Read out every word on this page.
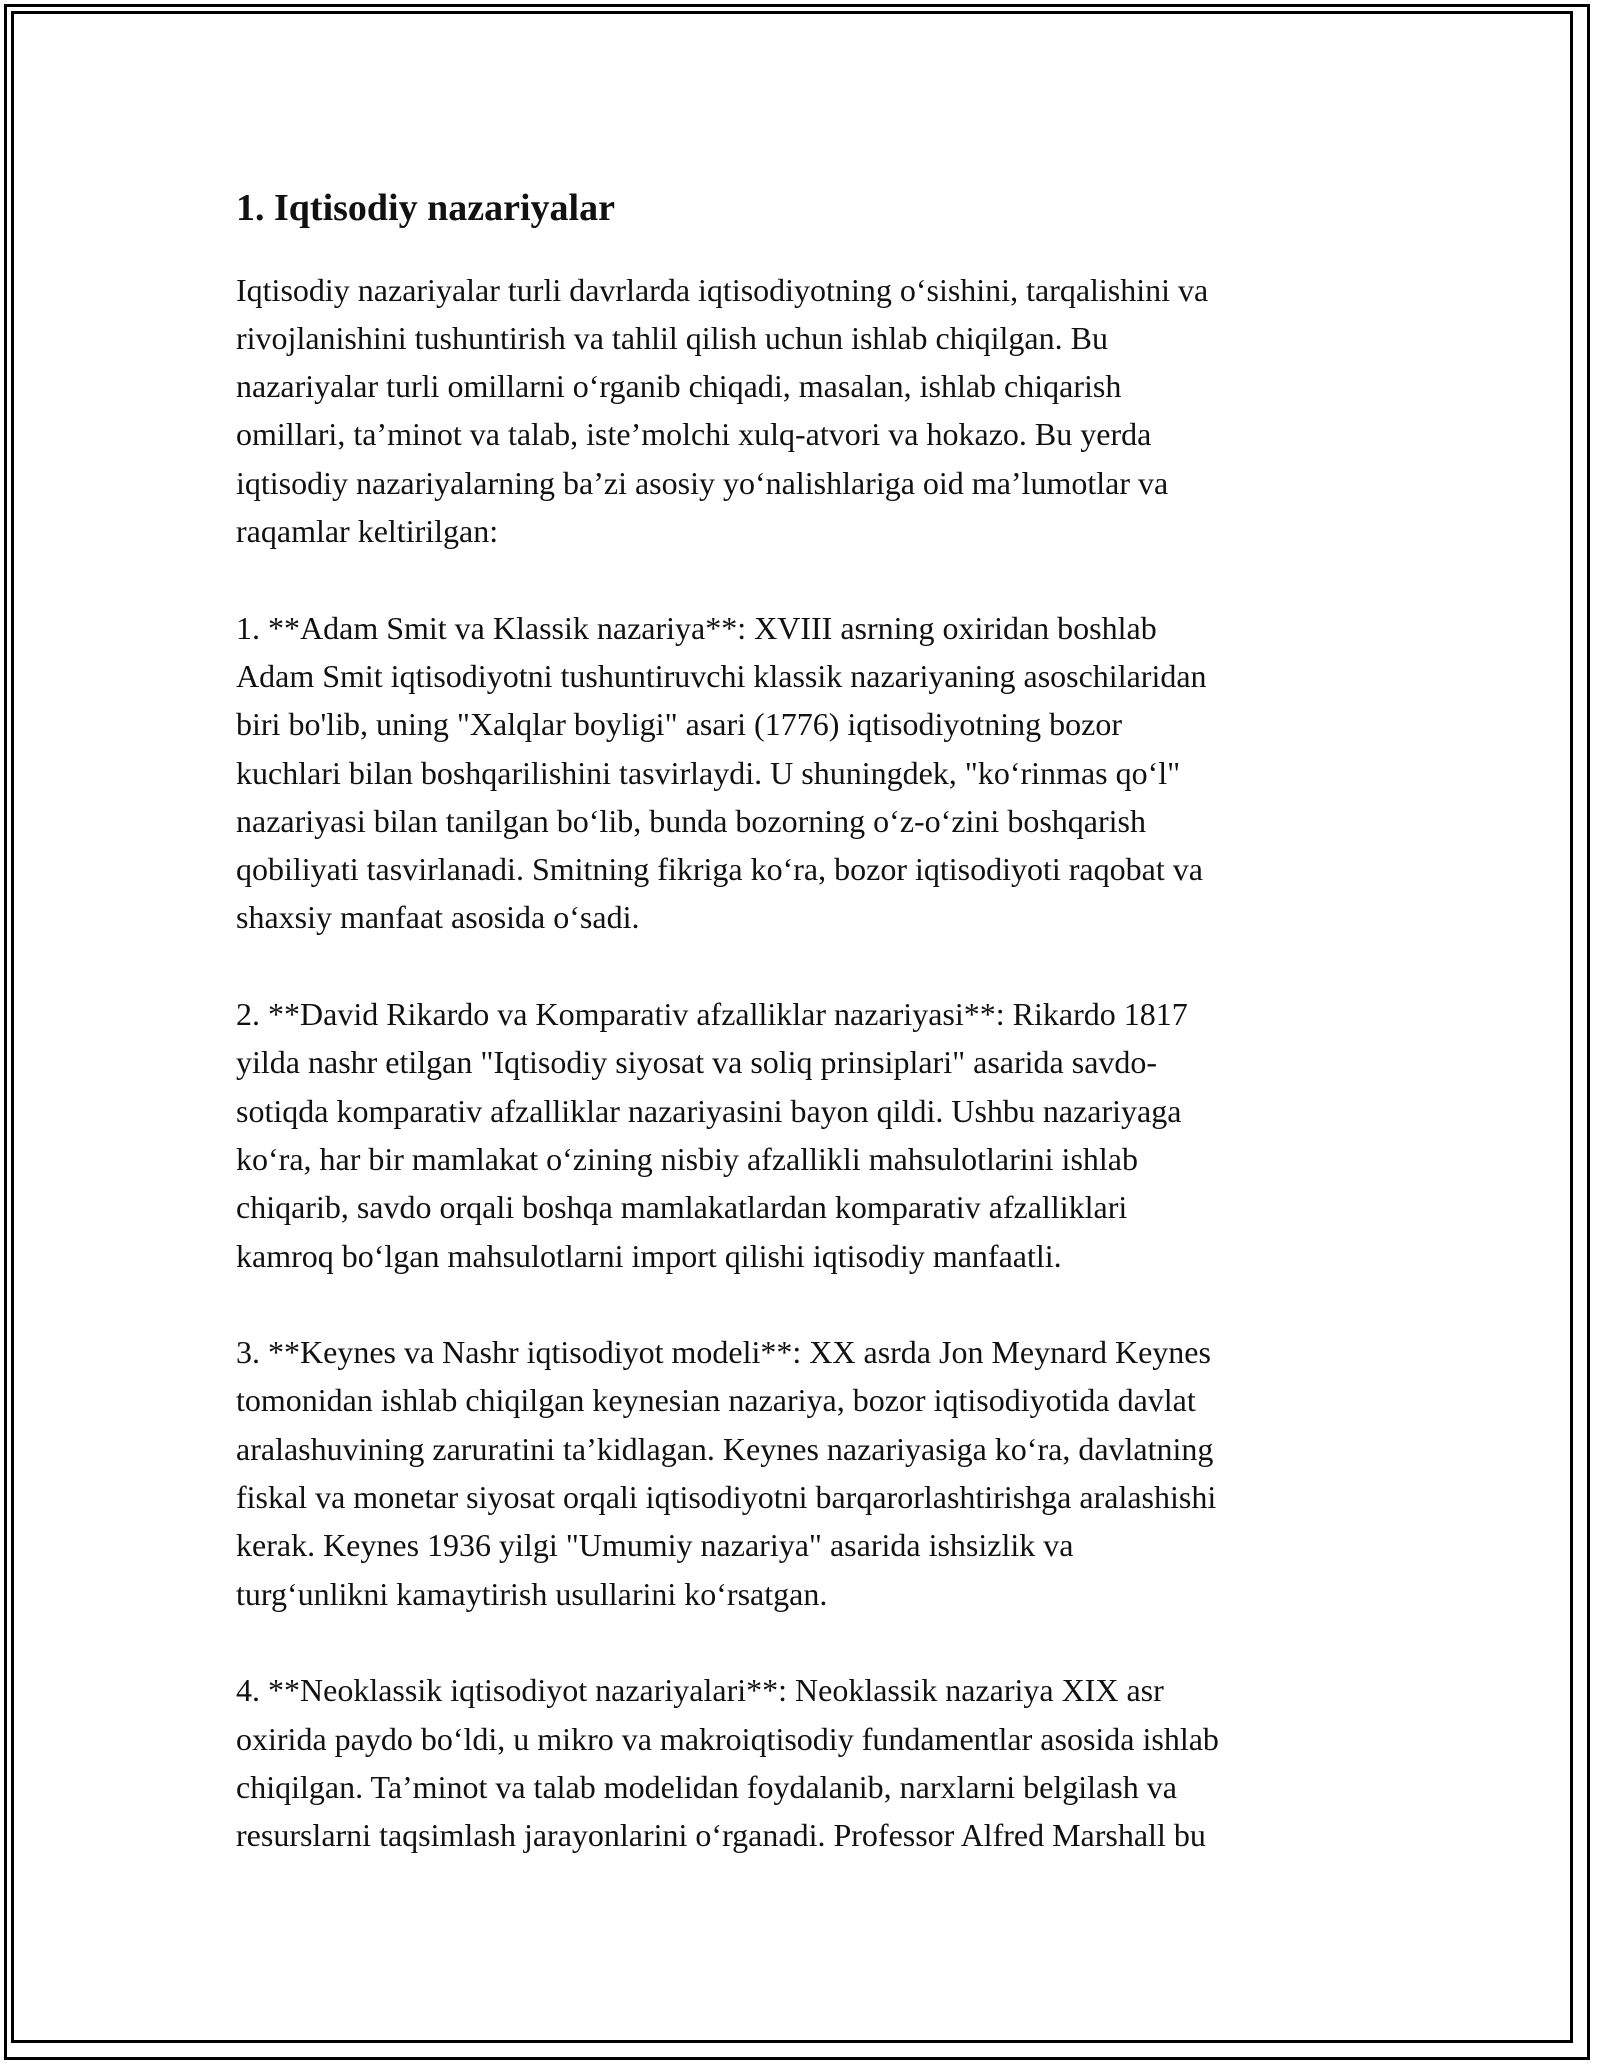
1. Iqtisodiy nazariyalar

Iqtisodiy nazariyalar turli davrlarda iqtisodiyotning o‘sishini, tarqalishini va
rivojlanishini tushuntirish va tahlil qilish uchun ishlab chiqilgan. Bu
nazariyalar turli omillarni o‘rganib chiqadi, masalan, ishlab chiqarish
omillari, ta’minot va talab, iste’molchi xulq-atvori va hokazo. Bu yerda
iqtisodiy nazariyalarning ba’zi asosiy yo‘nalishlariga oid ma’lumotlar va
raqamlar keltirilgan:

1. **Adam Smit va Klassik nazariya**: XVIII asrning oxiridan boshlab
Adam Smit iqtisodiyotni tushuntiruvchi klassik nazariyaning asoschilaridan
biri bo'lib, uning "Xalqlar boyligi" asari (1776) iqtisodiyotning bozor
kuchlari bilan boshqarilishini tasvirlaydi. U shuningdek, "ko‘rinmas qo‘l"
nazariyasi bilan tanilgan bo‘lib, bunda bozorning o‘z-o‘zini boshqarish
qobiliyati tasvirlanadi. Smitning fikriga ko‘ra, bozor iqtisodiyoti raqobat va
shaxsiy manfaat asosida o‘sadi.

2. **David Rikardo va Komparativ afzalliklar nazariyasi**: Rikardo 1817
yilda nashr etilgan "Iqtisodiy siyosat va soliq prinsiplari" asarida savdo-
sotiqda komparativ afzalliklar nazariyasini bayon qildi. Ushbu nazariyaga
ko‘ra, har bir mamlakat o‘zining nisbiy afzallikli mahsulotlarini ishlab
chiqarib, savdo orqali boshqa mamlakatlardan komparativ afzalliklari
kamroq bo‘lgan mahsulotlarni import qilishi iqtisodiy manfaatli.

3. **Keynes va Nashr iqtisodiyot modeli**: XX asrda Jon Meynard Keynes
tomonidan ishlab chiqilgan keynesian nazariya, bozor iqtisodiyotida davlat
aralashuvining zaruratini ta’kidlagan. Keynes nazariyasiga ko‘ra, davlatning
fiskal va monetar siyosat orqali iqtisodiyotni barqarorlashtirishga aralashishi
kerak. Keynes 1936 yilgi "Umumiy nazariya" asarida ishsizlik va
turg‘unlikni kamaytirish usullarini ko‘rsatgan.

4. **Neoklassik iqtisodiyot nazariyalari**: Neoklassik nazariya XIX asr
oxirida paydo bo‘ldi, u mikro va makroiqtisodiy fundamentlar asosida ishlab
chiqilgan. Ta’minot va talab modelidan foydalanib, narxlarni belgilash va
resurslarni taqsimlash jarayonlarini o‘rganadi. Professor Alfred Marshall bu
